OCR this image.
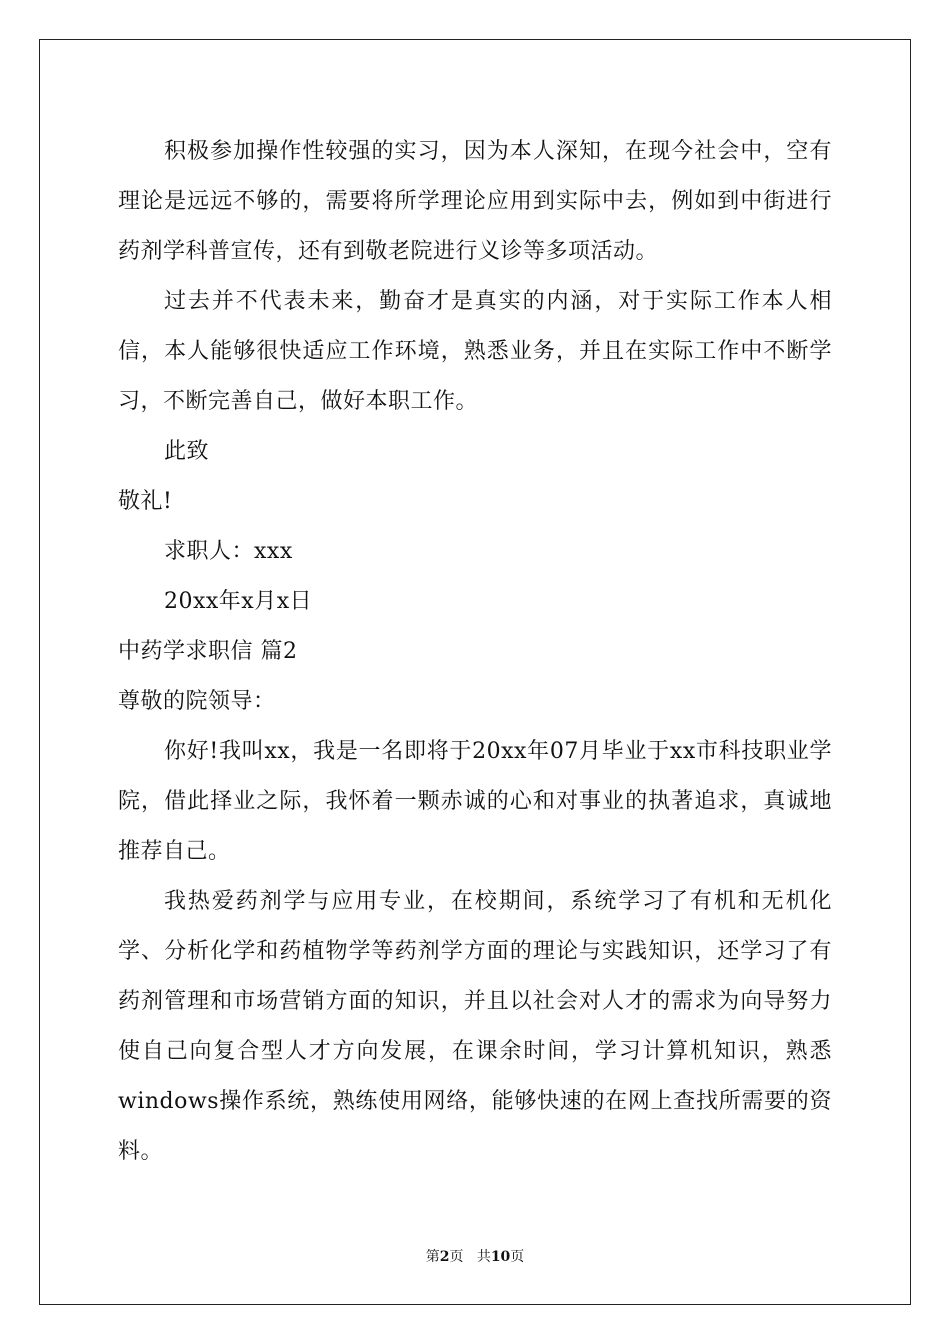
积极参加操作性较强的实习，因为本人深知，在现今社会中，空有理论是远远不够的，需要将所学理论应用到实际中去，例如到中街进行药剂学科普宣传，还有到敬老院进行义诊等多项活动。

过去并不代表未来，勤奋才是真实的内涵，对于实际工作本人相信，本人能够很快适应工作环境，熟悉业务，并且在实际工作中不断学习，不断完善自己，做好本职工作。

此致

敬礼!

求职人：xxx

20xx年x月x日

中药学求职信 篇2

尊敬的院领导：

你好!我叫xx，我是一名即将于20xx年07月毕业于xx市科技职业学院，借此择业之际，我怀着一颗赤诚的心和对事业的执著追求，真诚地推荐自己。

我热爱药剂学与应用专业，在校期间，系统学习了有机和无机化学、分析化学和药植物学等药剂学方面的理论与实践知识，还学习了有药剂管理和市场营销方面的知识，并且以社会对人才的需求为向导努力使自己向复合型人才方向发展，在课余时间，学习计算机知识，熟悉windows操作系统，熟练使用网络，能够快速的在网上查找所需要的资料。

第2页 共10页
